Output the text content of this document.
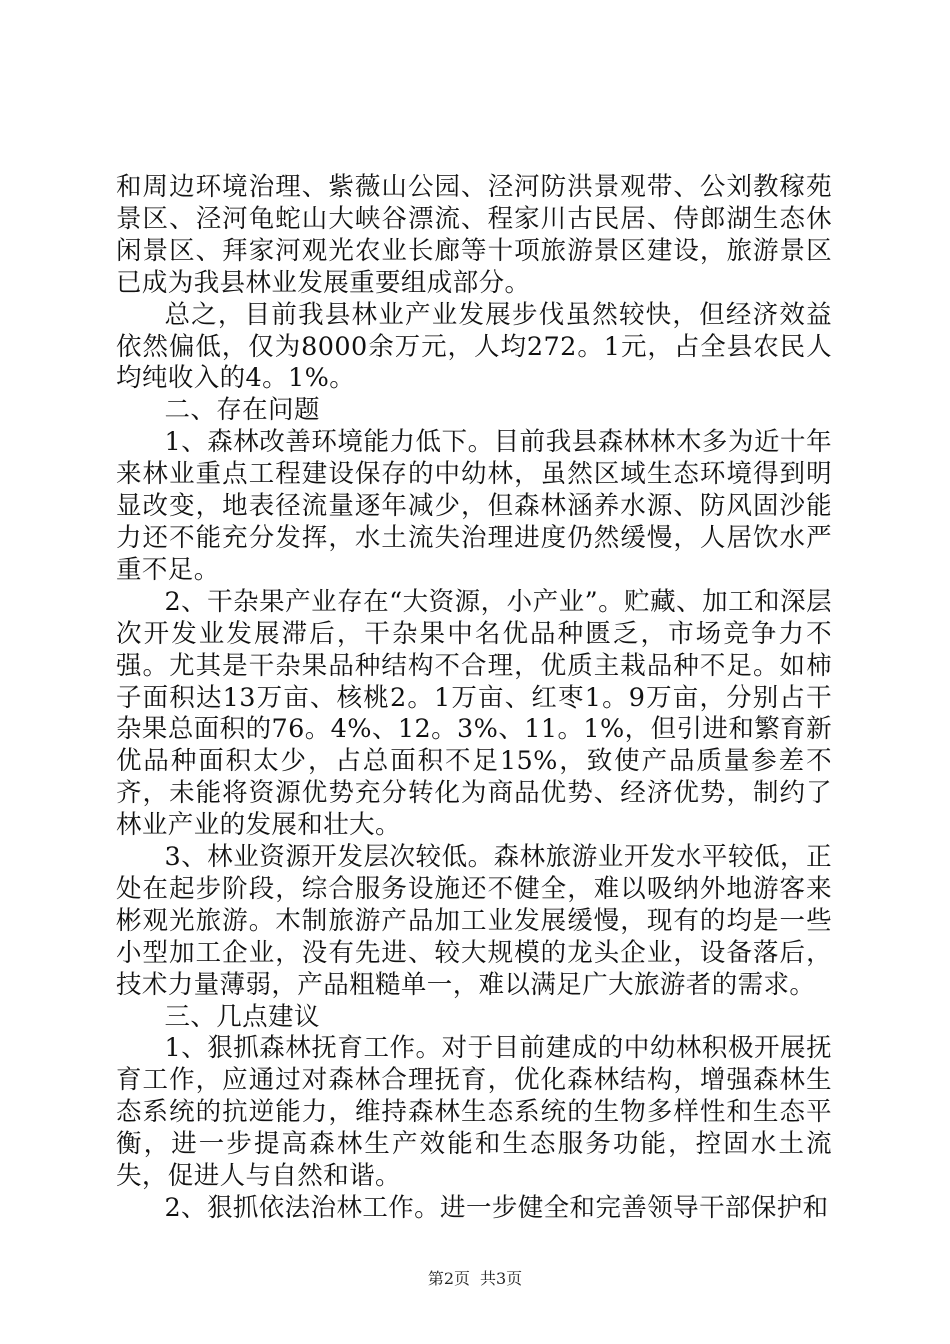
和周边环境治理、紫薇山公园、泾河防洪景观带、公刘教稼苑景区、泾河龟蛇山大峡谷漂流、程家川古民居、侍郎湖生态休闲景区、拜家河观光农业长廊等十项旅游景区建设，旅游景区已成为我县林业发展重要组成部分。

总之，目前我县林业产业发展步伐虽然较快，但经济效益依然偏低，仅为8000余万元，人均272。1元，占全县农民人均纯收入的4。1%。

二、存在问题

1、森林改善环境能力低下。目前我县森林林木多为近十年来林业重点工程建设保存的中幼林，虽然区域生态环境得到明显改变，地表径流量逐年减少，但森林涵养水源、防风固沙能力还不能充分发挥，水土流失治理进度仍然缓慢，人居饮水严重不足。

2、干杂果产业存在“大资源，小产业”。贮藏、加工和深层次开发业发展滞后，干杂果中名优品种匮乏，市场竞争力不强。尤其是干杂果品种结构不合理，优质主栽品种不足。如柿子面积达13万亩、核桃2。1万亩、红枣1。9万亩，分别占干杂果总面积的76。4%、12。3%、11。1%，但引进和繁育新优品种面积太少，占总面积不足15%，致使产品质量参差不齐，未能将资源优势充分转化为商品优势、经济优势，制约了林业产业的发展和壮大。

3、林业资源开发层次较低。森林旅游业开发水平较低，正处在起步阶段，综合服务设施还不健全，难以吸纳外地游客来彬观光旅游。木制旅游产品加工业发展缓慢，现有的均是一些小型加工企业，没有先进、较大规模的龙头企业，设备落后，技术力量薄弱，产品粗糙单一，难以满足广大旅游者的需求。

三、几点建议

1、狠抓森林抚育工作。对于目前建成的中幼林积极开展抚育工作，应通过对森林合理抚育，优化森林结构，增强森林生态系统的抗逆能力，维持森林生态系统的生物多样性和生态平衡，进一步提高森林生产效能和生态服务功能，控固水土流失，促进人与自然和谐。

2、狠抓依法治林工作。进一步健全和完善领导干部保护和

第2页 共3页
